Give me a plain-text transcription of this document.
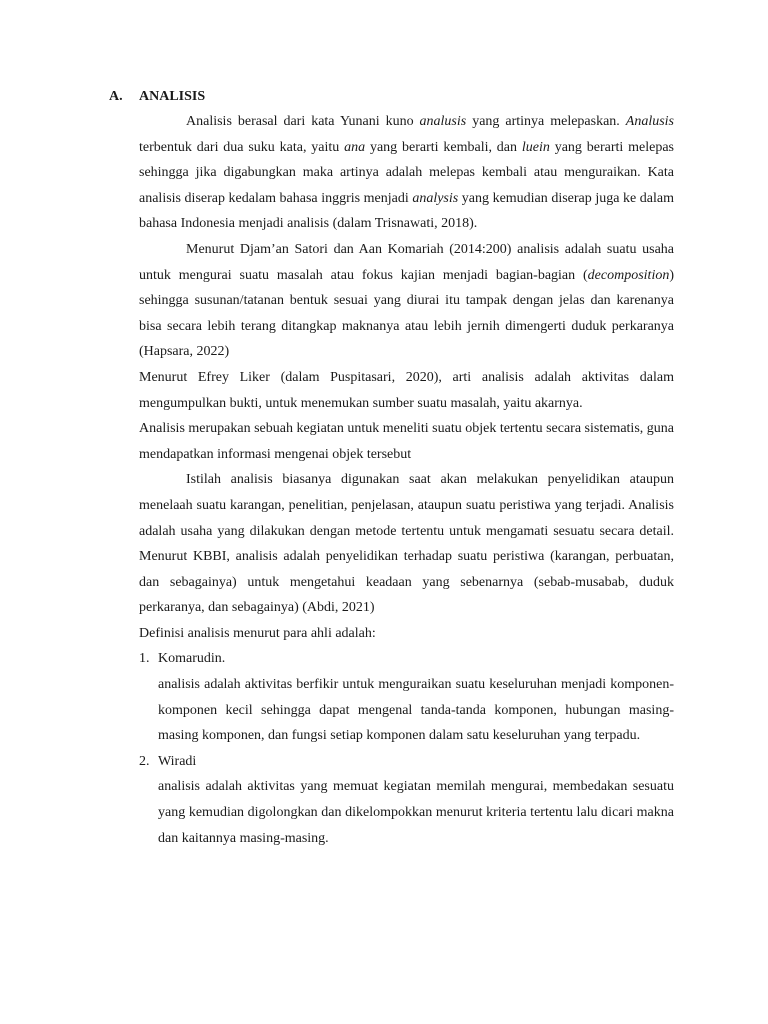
A. ANALISIS

Analisis berasal dari kata Yunani kuno analusis yang artinya melepaskan. Analusis terbentuk dari dua suku kata, yaitu ana yang berarti kembali, dan luein yang berarti melepas sehingga jika digabungkan maka artinya adalah melepas kembali atau menguraikan. Kata analisis diserap kedalam bahasa inggris menjadi analysis yang kemudian diserap juga ke dalam bahasa Indonesia menjadi analisis (dalam Trisnawati, 2018).

Menurut Djam’an Satori dan Aan Komariah (2014:200) analisis adalah suatu usaha untuk mengurai suatu masalah atau fokus kajian menjadi bagian-bagian (decomposition) sehingga susunan/tatanan bentuk sesuai yang diurai itu tampak dengan jelas dan karenanya bisa secara lebih terang ditangkap maknanya atau lebih jernih dimengerti duduk perkaranya (Hapsara, 2022)

Menurut Efrey Liker (dalam Puspitasari, 2020), arti analisis adalah aktivitas dalam mengumpulkan bukti, untuk menemukan sumber suatu masalah, yaitu akarnya.

Analisis merupakan sebuah kegiatan untuk meneliti suatu objek tertentu secara sistematis, guna mendapatkan informasi mengenai objek tersebut

Istilah analisis biasanya digunakan saat akan melakukan penyelidikan ataupun menelaah suatu karangan, penelitian, penjelasan, ataupun suatu peristiwa yang terjadi. Analisis adalah usaha yang dilakukan dengan metode tertentu untuk mengamati sesuatu secara detail. Menurut KBBI, analisis adalah penyelidikan terhadap suatu peristiwa (karangan, perbuatan, dan sebagainya) untuk mengetahui keadaan yang sebenarnya (sebab-musabab, duduk perkaranya, dan sebagainya) (Abdi, 2021)

Definisi analisis menurut para ahli adalah:

1. Komarudin.

analisis adalah aktivitas berfikir untuk menguraikan suatu keseluruhan menjadi komponen-komponen kecil sehingga dapat mengenal tanda-tanda komponen, hubungan masing-masing komponen, dan fungsi setiap komponen dalam satu keseluruhan yang terpadu.

2. Wiradi

analisis adalah aktivitas yang memuat kegiatan memilah mengurai, membedakan sesuatu yang kemudian digolongkan dan dikelompokkan menurut kriteria tertentu lalu dicari makna dan kaitannya masing-masing.
